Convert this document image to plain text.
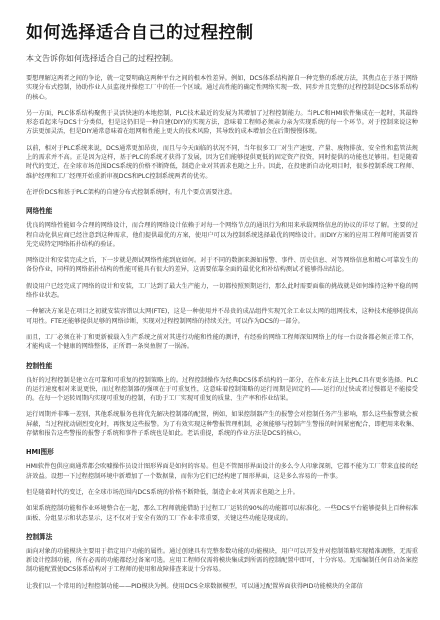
如何选择适合自己的过程控制
本文告诉你如何选择适合自己的过程控制。

要想理解这两者之间的争论，就一定要明确这两种平台之间的根本性差异。例如，DCS体系结构源自一种完整的系统方法，其焦点在于基于网络实现分布式控制，协助作业人员监视并操控工厂中的任一个区域。通过高性能的确定性网络实现一致、同步并且完整的过程控制是DCS体系结构的核心。

另一方面，PLC体系结构聚焦于灵活快速的本地控制，PLC技术最近的发展为其增加了过程控制能力。当PLC和HMI软件集成在一起时，其最终形态看起来与DCS十分类似，但是这仍旧是一种自建(DIY)的实现方法，意味着工程师必须亲力亲为实现系统的每一个环节。对于控制来说这种方法更加灵活，但是DIY通常意味着在组网和性能上更大的技术风险，其导致的成本增加会在后期慢慢体现。

以前，相对于PLC系统来说，DCS通常更加昂贵，而且与今天面临的状况不同，当年很多工厂对生产速度、产量、废物排放、安全性和监管法规上的需求并不高。正是因为这样，基于PLC的系统才获得了发展，因为它们能够提供更低的固定资产投资，同时提供的功能也足够用。但是随着时代的变迁，在全球市场范围DCS系统的价格不断降低，制造企业对其需求也随之上升。因此，在投建新自动化项目时，很多控制系统工程师、维护经理和工厂经理开始重新审视DCS和PLC控制系统两者的优劣。

在评价DCS和基于PLC架构的自建分布式控制系统时，有几个要点需要注意。

网络性能

优良的网络性能如今合理的网络设计，而合理的网络设计依赖于对每一个网络节点的通讯行为和用来承载网络信息的协议的详尽了解。主要的过程自动化供应商已经注意到这种需求，他们提供最优的方案，使用户可以为控制系统选择最优的网络设计。而DIY方案的应用工程师可能需要首先完成特定网络拓扑结构的验证。

网络设计和安装完成之后，下一步就是测试网络性能到底如何。对于不同的数据来源如报警、事件、历史信息、对等网络信息和精心可靠发生的备份作业，同样的网络拓扑结构的性能可能具有很大的差异，这需要依靠全面的最优化和补结构测试才能够得出结论。

假设用户已经完成了网络的设计和安装，工厂达到了最大生产能力，一切都按照预期运行，那么此时需要面临的挑战就是如何维持这种平稳的网络作业状态。

一种解决方案是在项目之初就安装容错以太网(FTE)，这是一种使用并不昂贵的成品组件实现冗余工业以太网的组网技术，这种技术能够提供高可用性。FTE还能够提供足够的网络诊断，实现对过程控制网络的持续关注，可以作为DCS的一部分。

而且，工厂必须在补丁和更新被载入生产系统之前对其进行功能和性能的测评，有经验的网络工程师深知网络上的每一台设备都必须正常工作，才能构成一个健康的网络整体，正所谓一条臭鱼腥了一锅汤。

控制性能

良好的过程控制是建立在可靠和可重复的控制策略上的。过程控制操作为经典DCS体系结构的一部分，在作业方法上比PLC具有更多选择。PLC的运行速度相对来说更快，而过程控制器的强项在于可重复性，这意味着控制策略的运行周期是固定的——运行的过快或者过慢都是不能接受的。在每一个运转周期内实现可重复的控制，有助于工厂实现可重复的质量、生产率和作业结果。

运行周期并非唯一差别，其他系统服务也将优先解决控制器的配置，例如，如果控制器产生的报警会对控制任务产生影响，那么这些报警就会被屏蔽，当过程扰动剧烈变化时，再恢复这些报警。为了有效实现这种警报管理机制，必须能够与控制产生警报的时间紧密配合，即把用来收集、存储和报告这些警报的报警子系统和事件子系统也是如此。老话重提，系统的作业方法是DCS的核心。

HMI图形

HMI软件包供应商通常都会吹嘘操作员设计图形界面是如何的容易。但是不管图形界面设计的多么令人印象深刻，它都不能为工厂带来直接的经济效益。设想一下过程控制环境中新增加了一个数据量，而你为它们已经构建了图形界面，这是多么容易的一件事。

但是随着时代的变迁，在全球市场范围内DCS系统的价格不断降低，制造企业对其需求也随之上升。

如果系统控制功能和作业环境整合在一起，那么工程师就能借助于过程工厂运转的90%的功能都可以标准化。一些DCS平台能够提供上百种标准面板、分组显示和状态显示，这不仅对于安全有效的工厂作业非常重要，关键这些功能是现成的。

控制算法

面向对象的功能模块主要用于指定用户功能的属性。通过创建具有完整参数功能的功能模块，用户可以开发并对控制策略实现精准调整，无需重新设计控制功能，所有必需的功能都经过备案可选。应用工程师仅需将模块集成到所需的控制配置中即可，十分容易。无需编制任何自动备案控制功能配置使DCS体系结构对于工程师的使用和故障排查来说十分容易。

让我们以一个常用的过程控制功能——PID模块为例。使用DCS全球数据模型，可以通过配置界面获得PID功能模块的全部信
